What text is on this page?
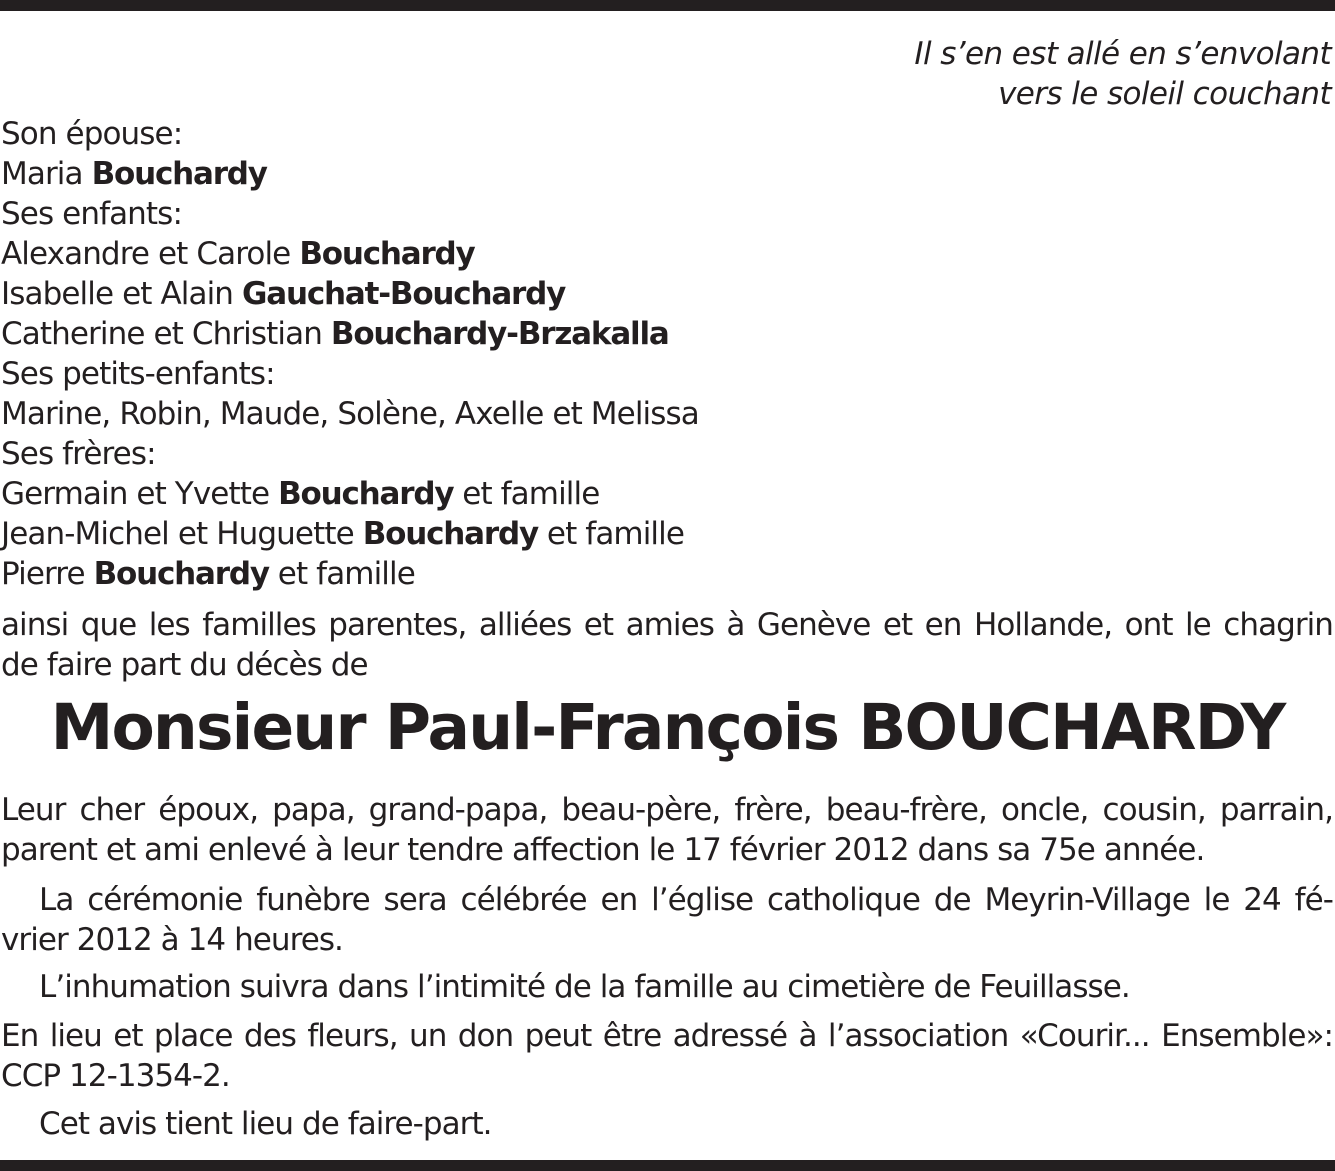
Il s’en est allé en s’envolant
vers le soleil couchant
Son épouse:
Maria Bouchardy
Ses enfants:
Alexandre et Carole Bouchardy
Isabelle et Alain Gauchat-Bouchardy
Catherine et Christian Bouchardy-Brzakalla
Ses petits-enfants:
Marine, Robin, Maude, Solène, Axelle et Melissa
Ses frères:
Germain et Yvette Bouchardy et famille
Jean-Michel et Huguette Bouchardy et famille
Pierre Bouchardy et famille
ainsi que les familles parentes, alliées et amies à Genève et en Hollande, ont le chagrin
de faire part du décès de
Monsieur Paul-François BOUCHARDY
Leur cher époux, papa, grand-papa, beau-père, frère, beau-frère, oncle, cousin, parrain,
parent et ami enlevé à leur tendre affection le 17 février 2012 dans sa 75e année.
La cérémonie funèbre sera célébrée en l’église catholique de Meyrin-Village le 24 fé-
vrier 2012 à 14 heures.
L’inhumation suivra dans l’intimité de la famille au cimetière de Feuillasse.
En lieu et place des fleurs, un don peut être adressé à l’association «Courir... Ensemble»:
CCP 12-1354-2.
Cet avis tient lieu de faire-part.
